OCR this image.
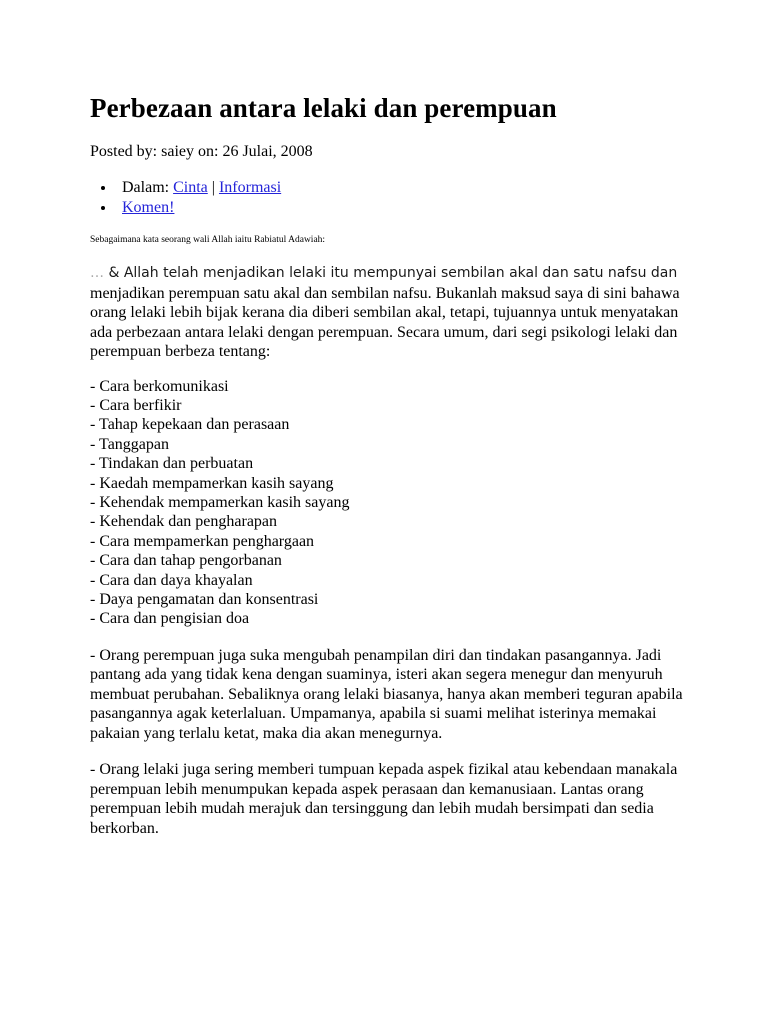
Perbezaan antara lelaki dan perempuan
Posted by: saiey on: 26 Julai, 2008
• Dalam: Cinta | Informasi
• Komen!
Sebagaimana kata seorang wali Allah iaitu Rabiatul Adawiah:
… & Allah telah menjadikan lelaki itu mempunyai sembilan akal dan satu nafsu dan
menjadikan perempuan satu akal dan sembilan nafsu. Bukanlah maksud saya di sini bahawa orang lelaki lebih bijak kerana dia diberi sembilan akal, tetapi, tujuannya untuk menyatakan ada perbezaan antara lelaki dengan perempuan. Secara umum, dari segi psikologi lelaki dan perempuan berbeza tentang:
- Cara berkomunikasi
- Cara berfikir
- Tahap kepekaan dan perasaan
- Tanggapan
- Tindakan dan perbuatan
- Kaedah mempamerkan kasih sayang
- Kehendak mempamerkan kasih sayang
- Kehendak dan pengharapan
- Cara mempamerkan penghargaan
- Cara dan tahap pengorbanan
- Cara dan daya khayalan
- Daya pengamatan dan konsentrasi
- Cara dan pengisian doa
- Orang perempuan juga suka mengubah penampilan diri dan tindakan pasangannya. Jadi pantang ada yang tidak kena dengan suaminya, isteri akan segera menegur dan menyuruh membuat perubahan. Sebaliknya orang lelaki biasanya, hanya akan memberi teguran apabila pasangannya agak keterlaluan. Umpamanya, apabila si suami melihat isterinya memakai pakaian yang terlalu ketat, maka dia akan menegurnya.
- Orang lelaki juga sering memberi tumpuan kepada aspek fizikal atau kebendaan manakala perempuan lebih menumpukan kepada aspek perasaan dan kemanusiaan. Lantas orang perempuan lebih mudah merajuk dan tersinggung dan lebih mudah bersimpati dan sedia berkorban.
